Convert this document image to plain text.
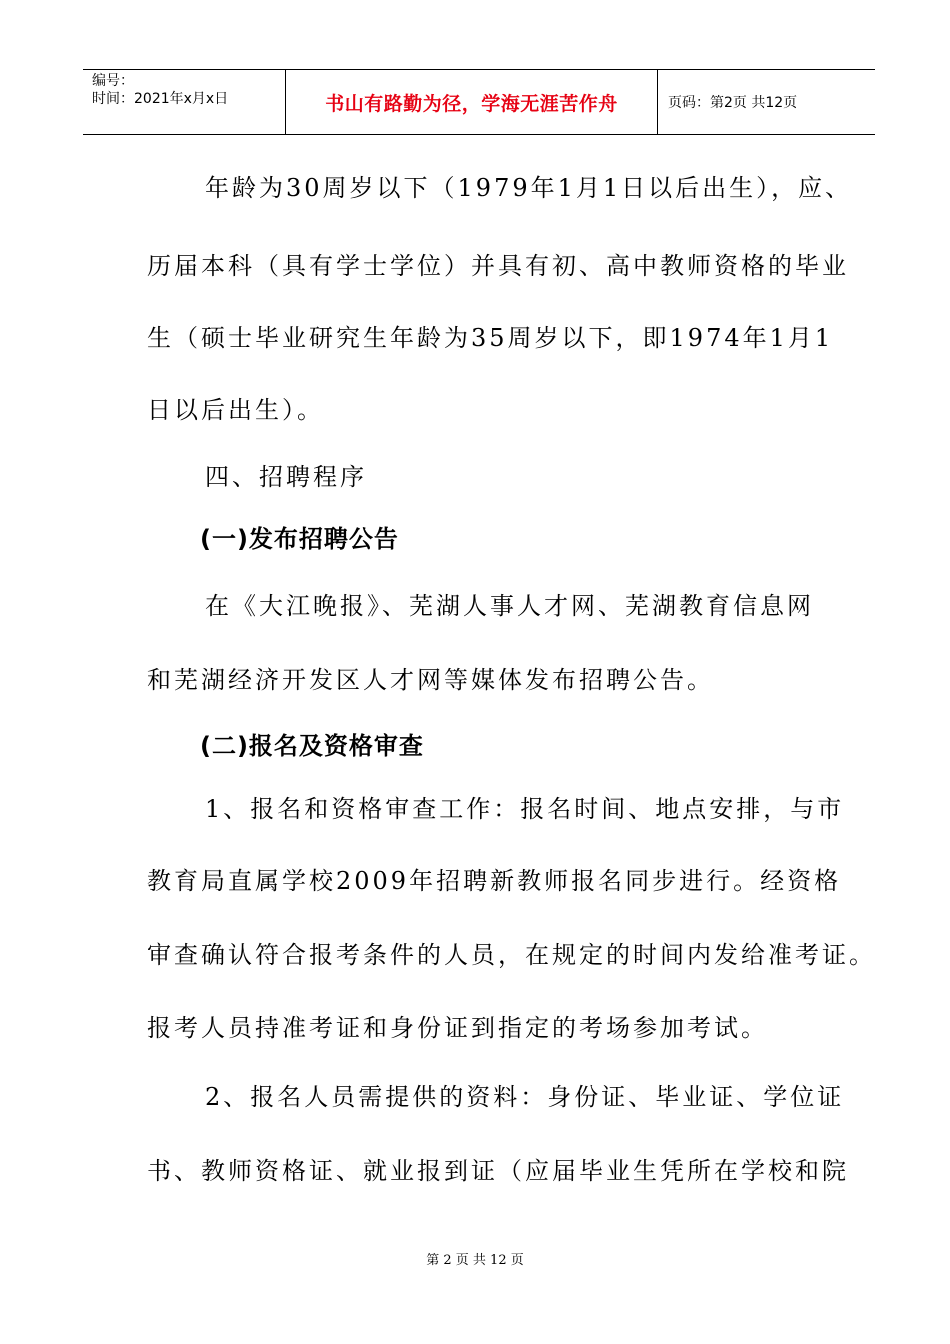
编号：
时间：2021年x月x日	书山有路勤为径，学海无涯苦作舟	页码：第2页 共12页
年龄为30周岁以下（1979年1月1日以后出生），应、
历届本科（具有学士学位）并具有初、高中教师资格的毕业
生（硕士毕业研究生年龄为35周岁以下，即1974年1月1
日以后出生）。
四、招聘程序
(一)发布招聘公告
在《大江晚报》、芜湖人事人才网、芜湖教育信息网
和芜湖经济开发区人才网等媒体发布招聘公告。
(二)报名及资格审查
1、报名和资格审查工作：报名时间、地点安排，与市
教育局直属学校2009年招聘新教师报名同步进行。经资格
审查确认符合报考条件的人员，在规定的时间内发给准考证。
报考人员持准考证和身份证到指定的考场参加考试。
2、报名人员需提供的资料：身份证、毕业证、学位证
书、教师资格证、就业报到证（应届毕业生凭所在学校和院
第 2 页 共 12 页
